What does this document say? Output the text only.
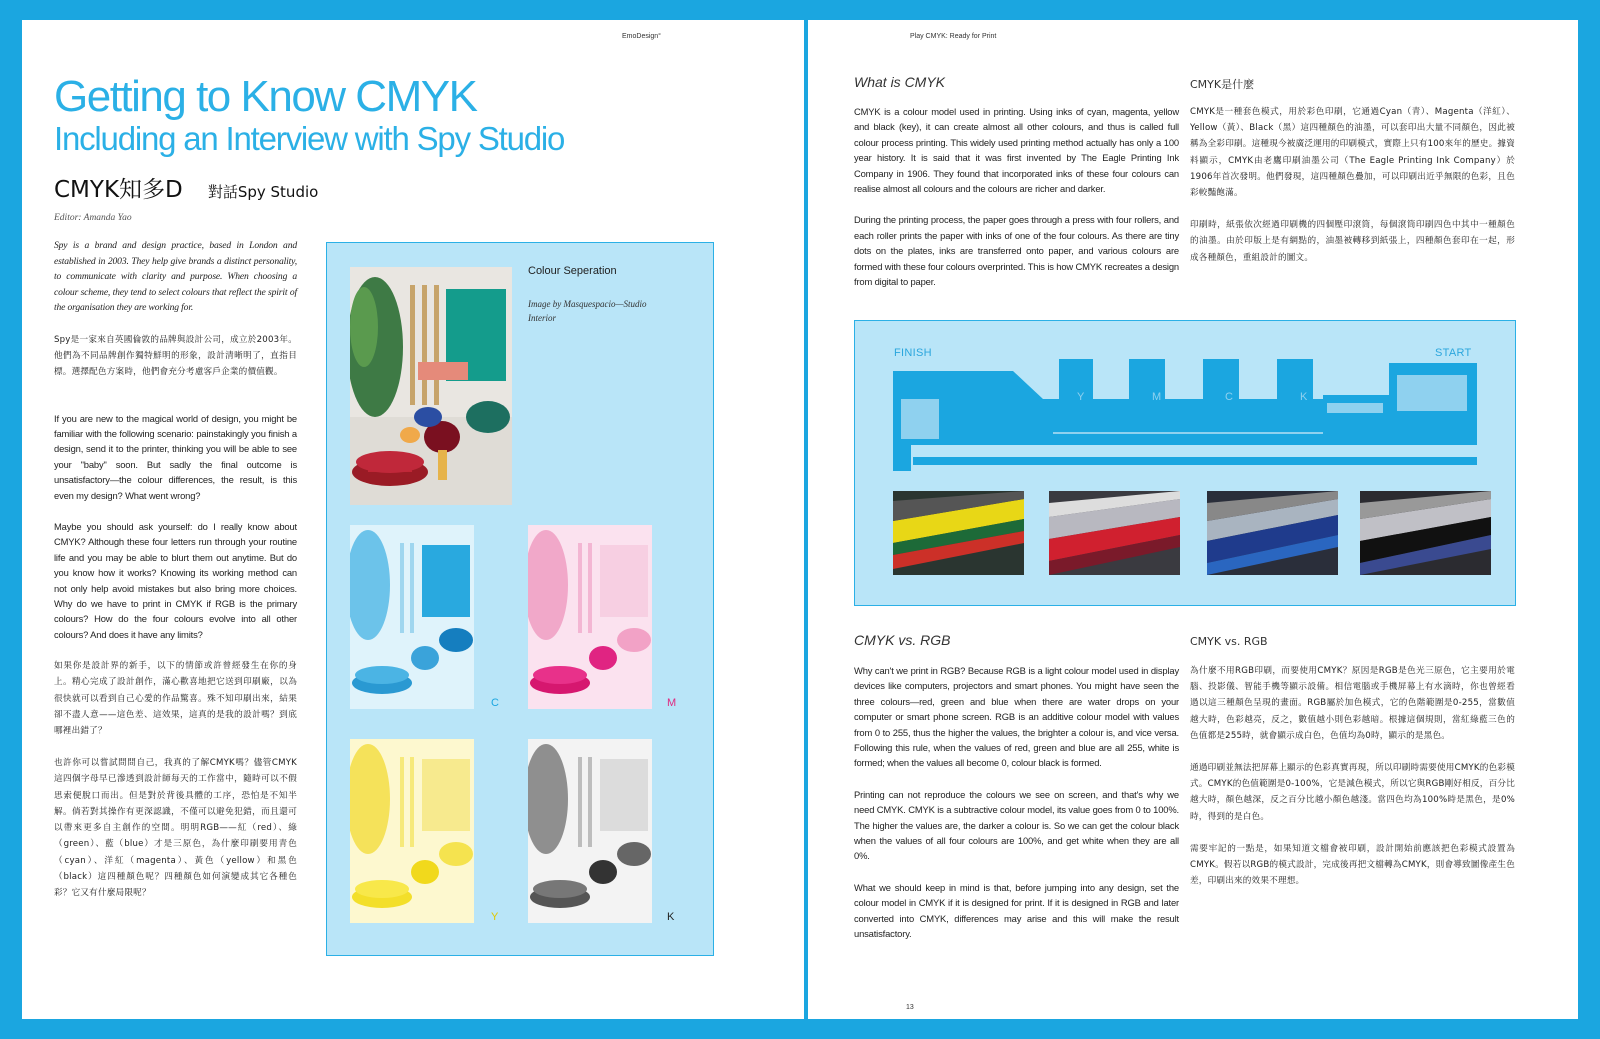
EmoDesign°
Getting to Know CMYK
Including an Interview with Spy Studio
CMYK知多D 對話Spy Studio
Editor: Amanda Yao

Spy is a brand and design practice, based in London and established in 2003. They help give brands a distinct personality, to communicate with clarity and purpose. When choosing a colour scheme, they tend to select colours that reflect the spirit of the organisation they are working for.

Spy是一家來自英國倫敦的品牌與設計公司，成立於2003年。他們為不同品牌創作獨特鮮明的形象，設計清晰明了，直指目標。選擇配色方案時，他們會充分考慮客戶企業的價值觀。

If you are new to the magical world of design, you might be familiar with the following scenario: painstakingly you finish a design, send it to the printer, thinking you will be able to see your "baby" soon. But sadly the final outcome is unsatisfactory—the colour differences, the result, is this even my design? What went wrong?

Maybe you should ask yourself: do I really know about CMYK? Although these four letters run through your routine life and you may be able to blurt them out anytime. But do you know how it works? Knowing its working method can not only help avoid mistakes but also bring more choices. Why do we have to print in CMYK if RGB is the primary colours? How do the four colours evolve into all other colours? And does it have any limits?

如果你是設計界的新手，以下的情節或許曾經發生在你的身上。精心完成了設計創作，滿心歡喜地把它送到印刷廠，以為很快就可以看到自己心愛的作品驚喜。殊不知印刷出來，結果卻不盡人意——這色差、這效果，這真的是我的設計嗎？到底哪裡出錯了？

也許你可以嘗試問問自己，我真的了解CMYK嗎？儘管CMYK這四個字母早已滲透到設計師每天的工作當中，隨時可以不假思索便脫口而出。但是對於背後具體的工序，恐怕是不知半解。倘若對其操作有更深認識，不僅可以避免犯錯，而且還可以帶來更多自主創作的空間。明明RGB——紅（red）、綠（green）、藍（blue）才是三原色，為什麼印刷要用青色（cyan）、洋紅（magenta）、黃色（yellow）和黑色（black）這四種顏色呢？四種顏色如何演變成其它各種色彩？它又有什麼局限呢？

Colour Seperation
Image by Masquespacio—Studio Interior
C	M
Y	K
Play CMYK: Ready for Print
What is CMYK	CMYK是什麼

CMYK is a colour model used in printing. Using inks of cyan, magenta, yellow and black (key), it can create almost all other colours, and thus is called full colour process printing. This widely used printing method actually has only a 100 year history. It is said that it was first invented by The Eagle Printing Ink Company in 1906. They found that incorporated inks of these four colours can realise almost all colours and the colours are richer and darker.

During the printing process, the paper goes through a press with four rollers, and each roller prints the paper with inks of one of the four colours. As there are tiny dots on the plates, inks are transferred onto paper, and various colours are formed with these four colours overprinted. This is how CMYK recreates a design from digital to paper.

CMYK是一種套色模式，用於彩色印刷，它通過Cyan（青）、Magenta（洋紅）、Yellow（黃）、Black（黑）這四種顏色的油墨，可以套印出大量不同顏色，因此被稱為全彩印刷。這種現今被廣泛運用的印刷模式，實際上只有100來年的歷史。據資料顯示，CMYK由老鷹印刷油墨公司（The Eagle Printing Ink Company）於1906年首次發明。他們發現，這四種顏色疊加，可以印刷出近乎無限的色彩，且色彩較豔飽滿。

印刷時，紙張依次經過印刷機的四個壓印滾筒，每個滾筒印刷四色中其中一種顏色的油墨。由於印版上是有網點的，油墨被轉移到紙張上，四種顏色套印在一起，形成各種顏色，重組設計的圖文。

FINISH	START
Y	M	C	K
CMYK vs. RGB	CMYK vs. RGB

Why can't we print in RGB? Because RGB is a light colour model used in display devices like computers, projectors and smart phones. You might have seen the three colours—red, green and blue when there are water drops on your computer or smart phone screen. RGB is an additive colour model with values from 0 to 255, thus the higher the values, the brighter a colour is, and vice versa. Following this rule, when the values of red, green and blue are all 255, white is formed; when the values all become 0, colour black is formed.

Printing can not reproduce the colours we see on screen, and that's why we need CMYK. CMYK is a subtractive colour model, its value goes from 0 to 100%. The higher the values are, the darker a colour is. So we can get the colour black when the values of all four colours are 100%, and get white when they are all 0%.

What we should keep in mind is that, before jumping into any design, set the colour model in CMYK if it is designed for print. If it is designed in RGB and later converted into CMYK, differences may arise and this will make the result unsatisfactory.

為什麼不用RGB印刷，而要使用CMYK？原因是RGB是色光三原色，它主要用於電腦、投影儀、智能手機等顯示設備。相信電腦或手機屏幕上有水滴時，你也曾經看過以這三種顏色呈現的畫面。RGB屬於加色模式，它的色階範圍是0-255，當數值越大時，色彩越亮，反之，數值越小則色彩越暗。根據這個規則，當紅綠藍三色的色值都是255時，就會顯示成白色，色值均為0時，顯示的是黑色。

通過印刷並無法把屏幕上顯示的色彩真實再現，所以印刷時需要使用CMYK的色彩模式。CMYK的色值範圍是0-100%，它是減色模式，所以它與RGB剛好相反，百分比越大時，顏色越深，反之百分比越小顏色越淺。當四色均為100%時是黑色，是0%時，得到的是白色。

需要牢記的一點是，如果知道文檔會被印刷，設計開始前應該把色彩模式設置為CMYK。假若以RGB的模式設計，完成後再把文檔轉為CMYK，則會導致圖像產生色差，印刷出來的效果不理想。

13
